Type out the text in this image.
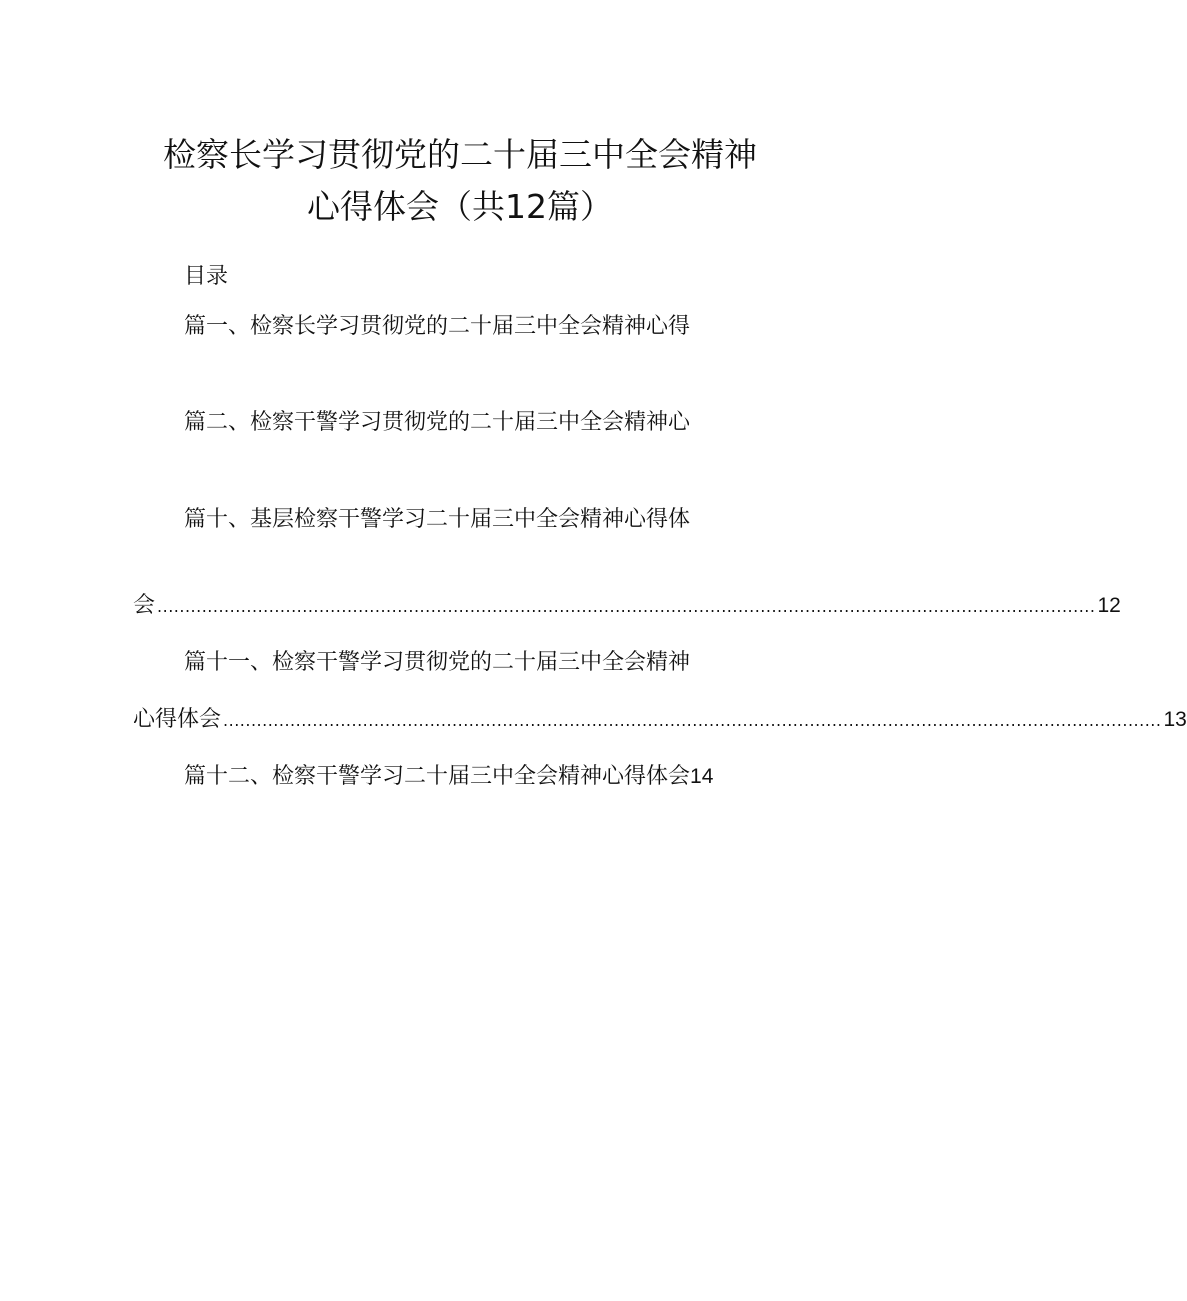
检察长学习贯彻党的二十届三中全会精神
心得体会（共12篇）
目录
篇一、检察长学习贯彻党的二十届三中全会精神心得
篇二、检察干警学习贯彻党的二十届三中全会精神心
篇十、基层检察干警学习二十届三中全会精神心得体
会 ........................................................................................................................................................................ 12
篇十一、检察干警学习贯彻党的二十届三中全会精神
心得体会 ........................................................................................................................................................................ 13
篇十二、检察干警学习二十届三中全会精神心得体会14
